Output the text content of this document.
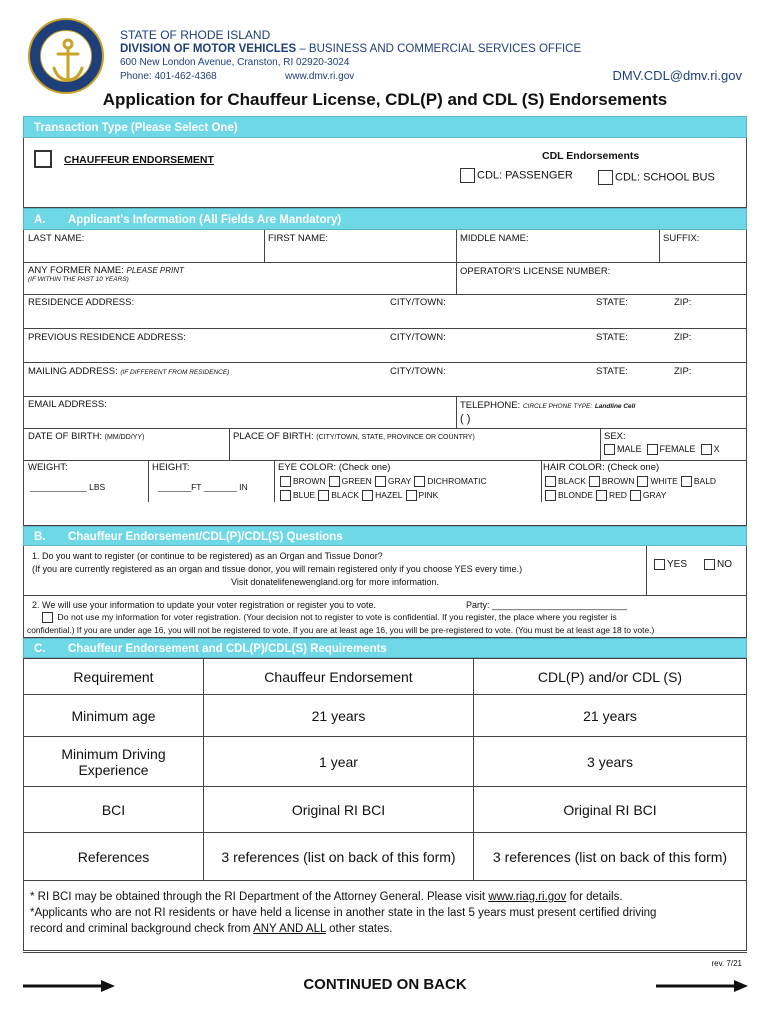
STATE OF RHODE ISLAND
DIVISION OF MOTOR VEHICLES – BUSINESS AND COMMERCIAL SERVICES OFFICE
600 New London Avenue, Cranston, RI 02920-3024
Phone: 401-462-4368	www.dmv.ri.gov	DMV.CDL@dmv.ri.gov
Application for Chauffeur License, CDL(P) and CDL (S) Endorsements
Transaction Type (Please Select One)
CHAUFFEUR ENDORSEMENT	CDL Endorsements
CDL: PASSENGER	CDL: SCHOOL BUS
A. Applicant's Information (All Fields Are Mandatory)
LAST NAME:	FIRST NAME:	MIDDLE NAME:	SUFFIX:
ANY FORMER NAME: PLEASE PRINT
(IF WITHIN THE PAST 10 YEARS)
OPERATOR'S LICENSE NUMBER:
RESIDENCE ADDRESS:	CITY/TOWN:	STATE:	ZIP:
PREVIOUS RESIDENCE ADDRESS:	CITY/TOWN:	STATE:	ZIP:
MAILING ADDRESS: (IF DIFFERENT FROM RESIDENCE)	CITY/TOWN:	STATE:	ZIP:
EMAIL ADDRESS:	TELEPHONE: CIRCLE PHONE TYPE: Landline Cell
( )
DATE OF BIRTH: (MM/DD/YY)	PLACE OF BIRTH: (CITY/TOWN, STATE, PROVINCE OR COUNTRY)	SEX:
MALE FEMALE X
WEIGHT:
____________ LBS
HEIGHT:
_______FT _______ IN
EYE COLOR: (Check one)
BROWN GREEN GRAY DICHROMATIC
BLUE BLACK HAZEL PINK
HAIR COLOR: (Check one)
BLACK BROWN WHITE BALD
BLONDE RED GRAY
B. Chauffeur Endorsement/CDL(P)/CDL(S) Questions
1. Do you want to register (or continue to be registered) as an Organ and Tissue Donor?
(If you are currently registered as an organ and tissue donor, you will remain registered only if you choose YES every time.)
Visit donatelifenewengland.org for more information.
YES	NO
2. We will use your information to update your voter registration or register you to vote.	Party: ___________________________
Do not use my information for voter registration. (Your decision not to register to vote is confidential. If you register, the place where you register is
confidential.) If you are under age 16, you will not be registered to vote. If you are at least age 16, you will be pre-registered to vote. (You must be at least age 18 to vote.)
C. Chauffeur Endorsement and CDL(P)/CDL(S) Requirements
Requirement	Chauffeur Endorsement	CDL(P) and/or CDL (S)
Minimum age	21 years	21 years
Minimum Driving Experience	1 year	3 years
BCI	Original RI BCI	Original RI BCI
References	3 references (list on back of this form)	3 references (list on back of this form)
* RI BCI may be obtained through the RI Department of the Attorney General. Please visit www.riag.ri.gov for details.
*Applicants who are not RI residents or have held a license in another state in the last 5 years must present certified driving
record and criminal background check from ANY AND ALL other states.
rev. 7/21
CONTINUED ON BACK
